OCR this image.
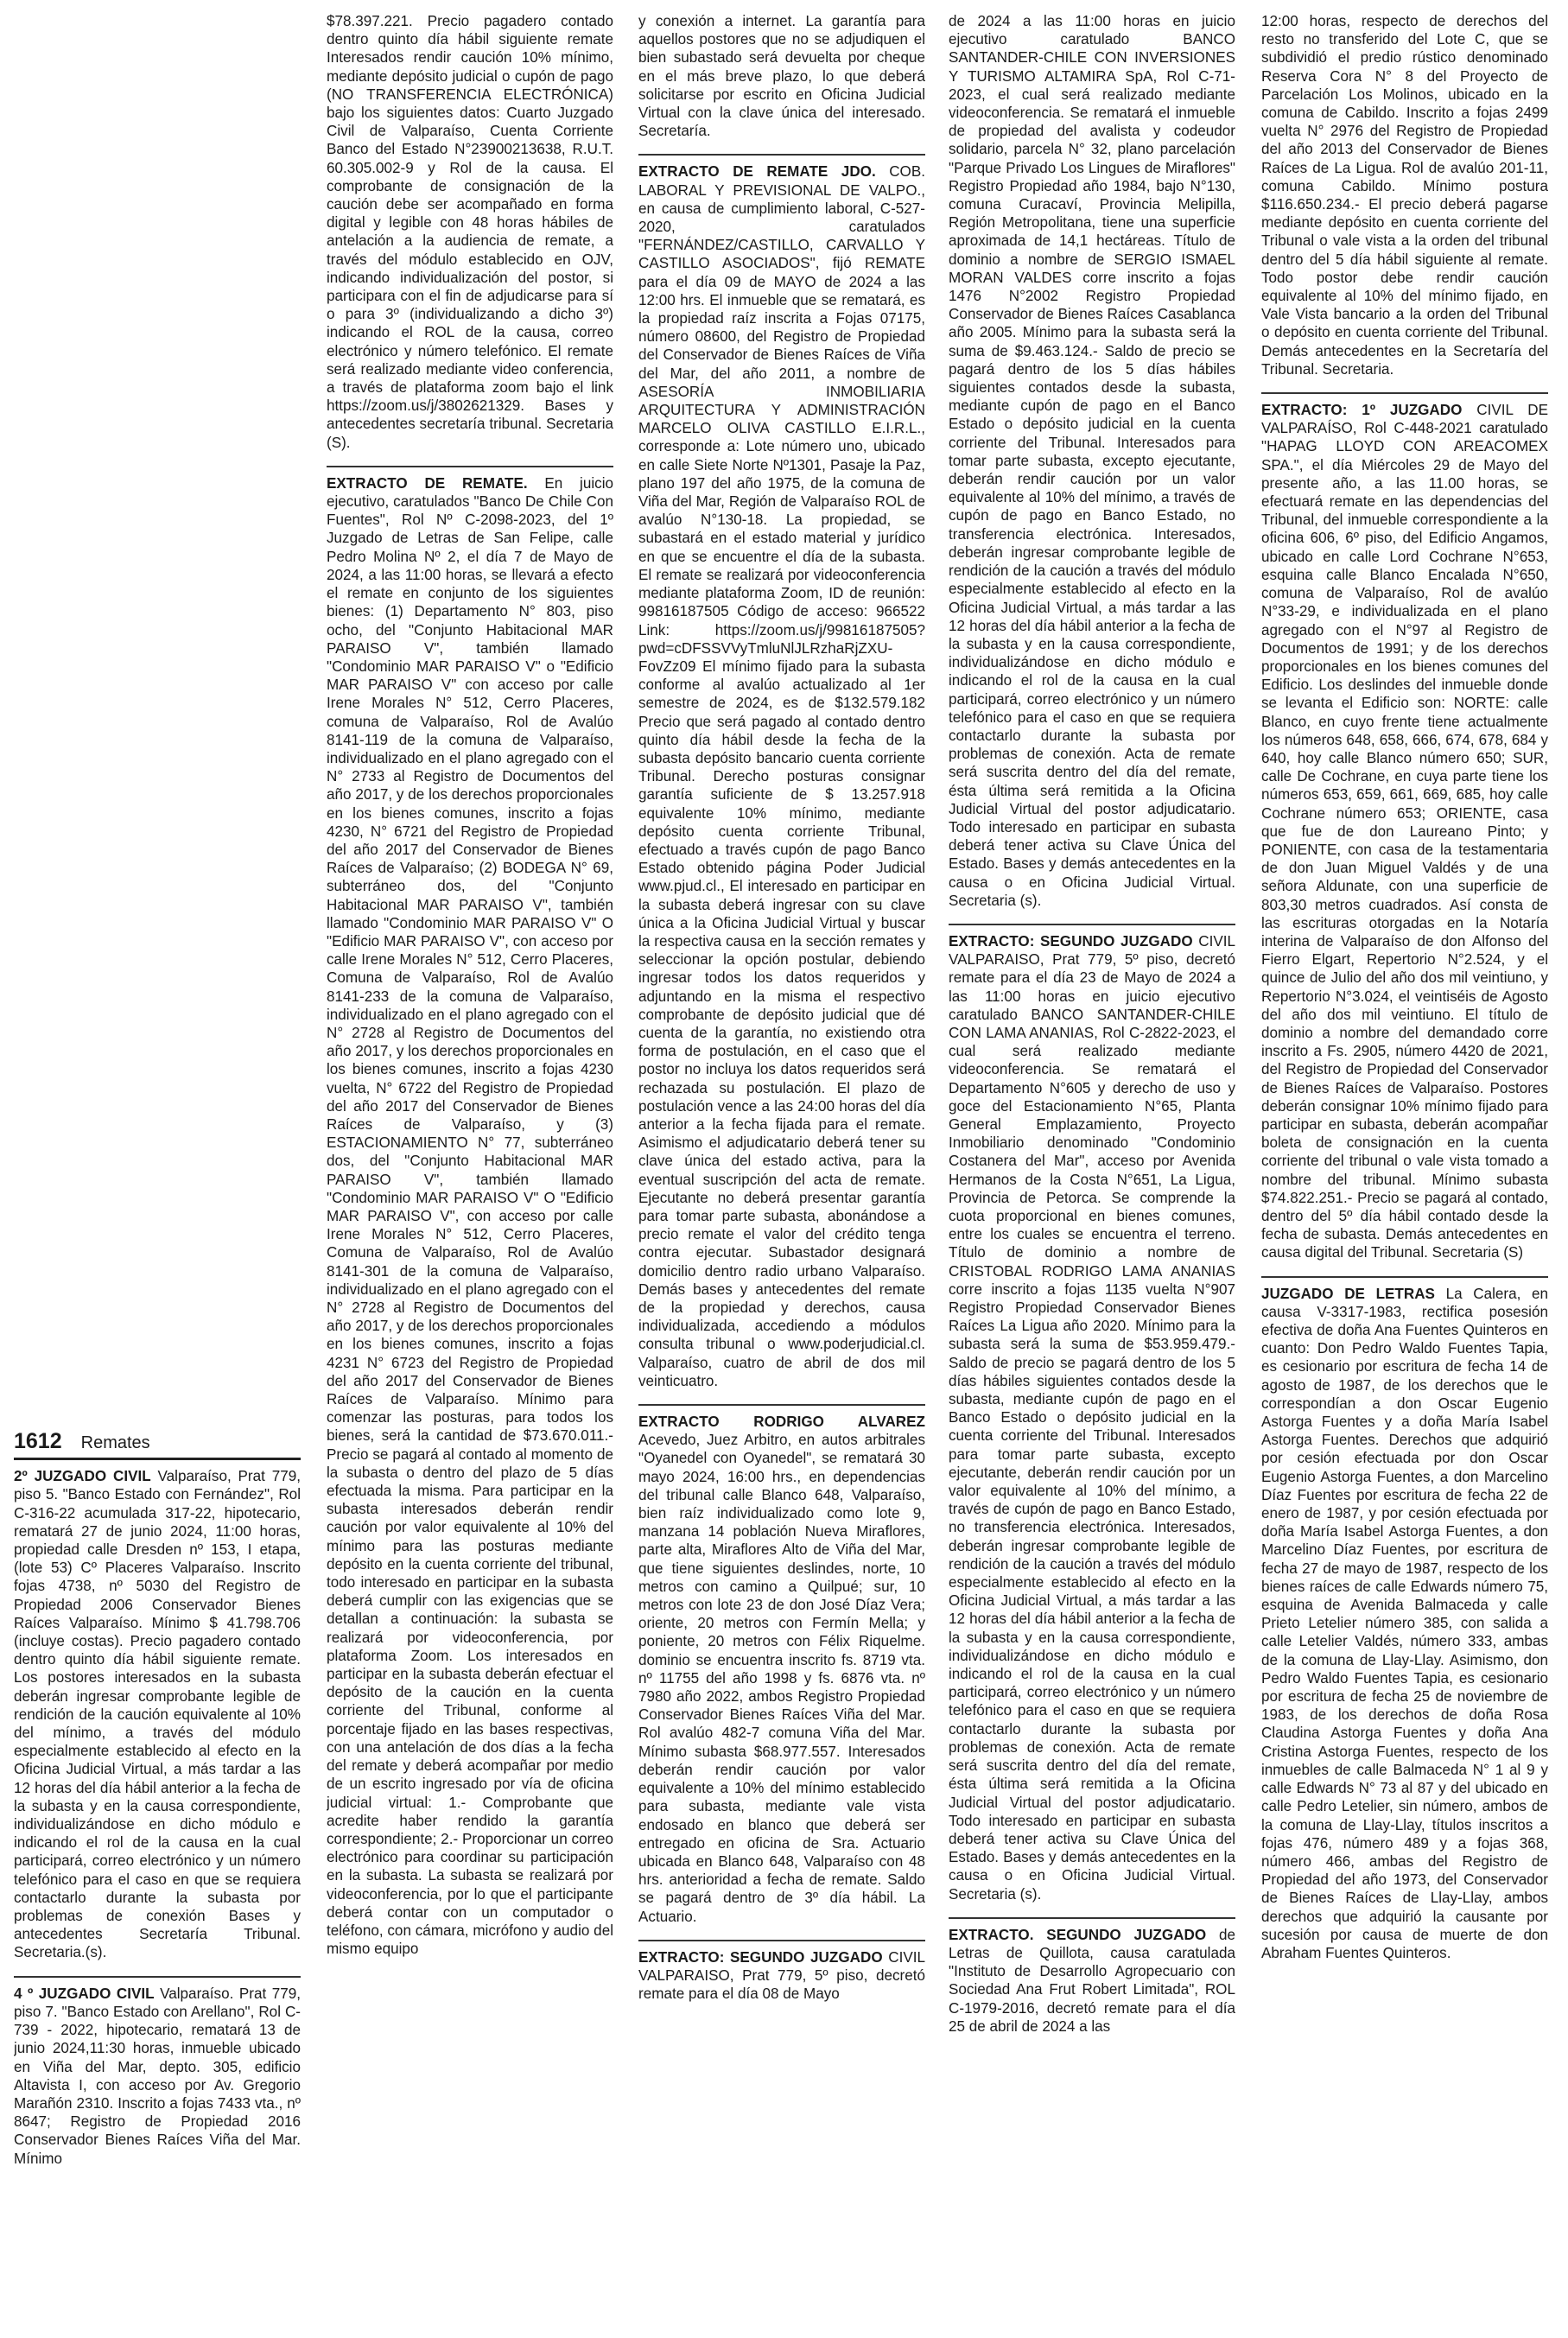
1612 Remates
2º JUZGADO CIVIL Valparaíso, Prat 779, piso 5. "Banco Estado con Fernández", Rol C-316-22 acumulada 317-22, hipotecario, rematará 27 de junio 2024, 11:00 horas, propiedad calle Dresden nº 153, I etapa, (lote 53) Cº Placeres Valparaíso. Inscrito fojas 4738, nº 5030 del Registro de Propiedad 2006 Conservador Bienes Raíces Valparaíso. Mínimo $ 41.798.706 (incluye costas). Precio pagadero contado dentro quinto día hábil siguiente remate. Los postores interesados en la subasta deberán ingresar comprobante legible de rendición de la caución equivalente al 10% del mínimo, a través del módulo especialmente establecido al efecto en la Oficina Judicial Virtual, a más tardar a las 12 horas del día hábil anterior a la fecha de la subasta y en la causa correspondiente, individualizándose en dicho módulo e indicando el rol de la causa en la cual participará, correo electrónico y un número telefónico para el caso en que se requiera contactarlo durante la subasta por problemas de conexión Bases y antecedentes Secretaría Tribunal. Secretaria.(s).
4 º JUZGADO CIVIL Valparaíso. Prat 779, piso 7. "Banco Estado con Arellano", Rol C-739 - 2022, hipotecario, rematará 13 de junio 2024,11:30 horas, inmueble ubicado en Viña del Mar, depto. 305, edificio Altavista I, con acceso por Av. Gregorio Marañón 2310. Inscrito a fojas 7433 vta., nº 8647; Registro de Propiedad 2016 Conservador Bienes Raíces Viña del Mar. Mínimo
$78.397.221. Precio pagadero contado dentro quinto día hábil siguiente remate Interesados rendir caución 10% mínimo, mediante depósito judicial o cupón de pago (NO TRANSFERENCIA ELECTRÓNICA) bajo los siguientes datos: Cuarto Juzgado Civil de Valparaíso, Cuenta Corriente Banco del Estado N°23900213638, R.U.T. 60.305.002-9 y Rol de la causa. El comprobante de consignación de la caución debe ser acompañado en forma digital y legible con 48 horas hábiles de antelación a la audiencia de remate, a través del módulo establecido en OJV, indicando individualización del postor, si participara con el fin de adjudicarse para sí o para 3º (individualizando a dicho 3º) indicando el ROL de la causa, correo electrónico y número telefónico. El remate será realizado mediante video conferencia, a través de plataforma zoom bajo el link https://zoom.us/j/3802621329. Bases y antecedentes secretaría tribunal. Secretaria (S).
EXTRACTO DE REMATE. En juicio ejecutivo, caratulados "Banco De Chile Con Fuentes", Rol Nº C-2098-2023, del 1º Juzgado de Letras de San Felipe, calle Pedro Molina Nº 2, el día 7 de Mayo de 2024, a las 11:00 horas, se llevará a efecto el remate en conjunto de los siguientes bienes: (1) Departamento N° 803, piso ocho, del "Conjunto Habitacional MAR PARAISO V", también llamado "Condominio MAR PARAISO V" o "Edificio MAR PARAISO V" con acceso por calle Irene Morales N° 512, Cerro Placeres, comuna de Valparaíso, Rol de Avalúo 8141-119 de la comuna de Valparaíso, individualizado en el plano agregado con el N° 2733 al Registro de Documentos del año 2017, y de los derechos proporcionales en los bienes comunes, inscrito a fojas 4230, N° 6721 del Registro de Propiedad del año 2017 del Conservador de Bienes Raíces de Valparaíso; (2) BODEGA N° 69, subterráneo dos, del "Conjunto Habitacional MAR PARAISO V", también llamado "Condominio MAR PARAISO V" O "Edificio MAR PARAISO V", con acceso por calle Irene Morales N° 512, Cerro Placeres, Comuna de Valparaíso, Rol de Avalúo 8141-233 de la comuna de Valparaíso, individualizado en el plano agregado con el N° 2728 al Registro de Documentos del año 2017, y los derechos proporcionales en los bienes comunes, inscrito a fojas 4230 vuelta, N° 6722 del Registro de Propiedad del año 2017 del Conservador de Bienes Raíces de Valparaíso, y (3) ESTACIONAMIENTO N° 77, subterráneo dos, del "Conjunto Habitacional MAR PARAISO V", también llamado "Condominio MAR PARAISO V" O "Edificio MAR PARAISO V", con acceso por calle Irene Morales N° 512, Cerro Placeres, Comuna de Valparaíso, Rol de Avalúo 8141-301 de la comuna de Valparaíso, individualizado en el plano agregado con el N° 2728 al Registro de Documentos del año 2017, y de los derechos proporcionales en los bienes comunes, inscrito a fojas 4231 N° 6723 del Registro de Propiedad del año 2017 del Conservador de Bienes Raíces de Valparaíso. Mínimo para comenzar las posturas, para todos los bienes, será la cantidad de $73.670.011.- Precio se pagará al contado al momento de la subasta o dentro del plazo de 5 días efectuada la misma. Para participar en la subasta interesados deberán rendir caución por valor equivalente al 10% del mínimo para las posturas mediante depósito en la cuenta corriente del tribunal, todo interesado en participar en la subasta deberá cumplir con las exigencias que se detallan a continuación: la subasta se realizará por videoconferencia, por plataforma Zoom. Los interesados en participar en la subasta deberán efectuar el depósito de la caución en la cuenta corriente del Tribunal, conforme al porcentaje fijado en las bases respectivas, con una antelación de dos días a la fecha del remate y deberá acompañar por medio de un escrito ingresado por vía de oficina judicial virtual: 1.- Comprobante que acredite haber rendido la garantía correspondiente; 2.- Proporcionar un correo electrónico para coordinar su participación en la subasta. La subasta se realizará por videoconferencia, por lo que el participante deberá contar con un computador o teléfono, con cámara, micrófono y audio del mismo equipo
y conexión a internet. La garantía para aquellos postores que no se adjudiquen el bien subastado será devuelta por cheque en el más breve plazo, lo que deberá solicitarse por escrito en Oficina Judicial Virtual con la clave única del interesado. Secretaría.
EXTRACTO DE REMATE JDO. COB. LABORAL Y PREVISIONAL DE VALPO., en causa de cumplimiento laboral, C-527-2020, caratulados "FERNÁNDEZ/CASTILLO, CARVALLO Y CASTILLO ASOCIADOS", fijó REMATE para el día 09 de MAYO de 2024 a las 12:00 hrs. El inmueble que se rematará, es la propiedad raíz inscrita a Fojas 07175, número 08600, del Registro de Propiedad del Conservador de Bienes Raíces de Viña del Mar, del año 2011, a nombre de ASESORÍA INMOBILIARIA ARQUITECTURA Y ADMINISTRACIÓN MARCELO OLIVA CASTILLO E.I.R.L., corresponde a: Lote número uno, ubicado en calle Siete Norte Nº1301, Pasaje la Paz, plano 197 del año 1975, de la comuna de Viña del Mar, Región de Valparaíso ROL de avalúo N°130-18. La propiedad, se subastará en el estado material y jurídico en que se encuentre el día de la subasta. El remate se realizará por videoconferencia mediante plataforma Zoom, ID de reunión: 99816187505 Código de acceso: 966522 Link: https://zoom.us/j/99816187505?pwd=cDFSSVVyTmluNlJLRzhaRjZXU-FovZz09 El mínimo fijado para la subasta conforme al avalúo actualizado al 1er semestre de 2024, es de $132.579.182 Precio que será pagado al contado dentro quinto día hábil desde la fecha de la subasta depósito bancario cuenta corriente Tribunal. Derecho posturas consignar garantía suficiente de $ 13.257.918 equivalente 10% mínimo, mediante depósito cuenta corriente Tribunal, efectuado a través cupón de pago Banco Estado obtenido página Poder Judicial www.pjud.cl., El interesado en participar en la subasta deberá ingresar con su clave única a la Oficina Judicial Virtual y buscar la respectiva causa en la sección remates y seleccionar la opción postular, debiendo ingresar todos los datos requeridos y adjuntando en la misma el respectivo comprobante de depósito judicial que dé cuenta de la garantía, no existiendo otra forma de postulación, en el caso que el postor no incluya los datos requeridos será rechazada su postulación. El plazo de postulación vence a las 24:00 horas del día anterior a la fecha fijada para el remate. Asimismo el adjudicatario deberá tener su clave única del estado activa, para la eventual suscripción del acta de remate. Ejecutante no deberá presentar garantía para tomar parte subasta, abonándose a precio remate el valor del crédito tenga contra ejecutar. Subastador designará domicilio dentro radio urbano Valparaíso. Demás bases y antecedentes del remate de la propiedad y derechos, causa individualizada, accediendo a módulos consulta tribunal o www.poderjudicial.cl. Valparaíso, cuatro de abril de dos mil veinticuatro.
EXTRACTO RODRIGO ALVAREZ Acevedo, Juez Arbitro, en autos arbitrales "Oyanedel con Oyanedel", se rematará 30 mayo 2024, 16:00 hrs., en dependencias del tribunal calle Blanco 648, Valparaíso, bien raíz individualizado como lote 9, manzana 14 población Nueva Miraflores, parte alta, Miraflores Alto de Viña del Mar, que tiene siguientes deslindes, norte, 10 metros con camino a Quilpué; sur, 10 metros con lote 23 de don José Díaz Vera; oriente, 20 metros con Fermín Mella; y poniente, 20 metros con Félix Riquelme. dominio se encuentra inscrito fs. 8719 vta. nº 11755 del año 1998 y fs. 6876 vta. nº 7980 año 2022, ambos Registro Propiedad Conservador Bienes Raíces Viña del Mar. Rol avalúo 482-7 comuna Viña del Mar. Mínimo subasta $68.977.557. Interesados deberán rendir caución por valor equivalente a 10% del mínimo establecido para subasta, mediante vale vista endosado en blanco que deberá ser entregado en oficina de Sra. Actuario ubicada en Blanco 648, Valparaíso con 48 hrs. anterioridad a fecha de remate. Saldo se pagará dentro de 3º día hábil. La Actuario.
EXTRACTO: SEGUNDO JUZGADO CIVIL VALPARAISO, Prat 779, 5º piso, decretó remate para el día 08 de Mayo
de 2024 a las 11:00 horas en juicio ejecutivo caratulado BANCO SANTANDER-CHILE CON INVERSIONES Y TURISMO ALTAMIRA SpA, Rol C-71-2023, el cual será realizado mediante videoconferencia. Se rematará el inmueble de propiedad del avalista y codeudor solidario, parcela N° 32, plano parcelación "Parque Privado Los Lingues de Miraflores" Registro Propiedad año 1984, bajo N°130, comuna Curacaví, Provincia Melipilla, Región Metropolitana, tiene una superficie aproximada de 14,1 hectáreas. Título de dominio a nombre de SERGIO ISMAEL MORAN VALDES corre inscrito a fojas 1476 N°2002 Registro Propiedad Conservador de Bienes Raíces Casablanca año 2005. Mínimo para la subasta será la suma de $9.463.124.- Saldo de precio se pagará dentro de los 5 días hábiles siguientes contados desde la subasta, mediante cupón de pago en el Banco Estado o depósito judicial en la cuenta corriente del Tribunal. Interesados para tomar parte subasta, excepto ejecutante, deberán rendir caución por un valor equivalente al 10% del mínimo, a través de cupón de pago en Banco Estado, no transferencia electrónica. Interesados, deberán ingresar comprobante legible de rendición de la caución a través del módulo especialmente establecido al efecto en la Oficina Judicial Virtual, a más tardar a las 12 horas del día hábil anterior a la fecha de la subasta y en la causa correspondiente, individualizándose en dicho módulo e indicando el rol de la causa en la cual participará, correo electrónico y un número telefónico para el caso en que se requiera contactarlo durante la subasta por problemas de conexión. Acta de remate será suscrita dentro del día del remate, ésta última será remitida a la Oficina Judicial Virtual del postor adjudicatario. Todo interesado en participar en subasta deberá tener activa su Clave Única del Estado. Bases y demás antecedentes en la causa o en Oficina Judicial Virtual. Secretaria (s).
EXTRACTO: SEGUNDO JUZGADO CIVIL VALPARAISO, Prat 779, 5º piso, decretó remate para el día 23 de Mayo de 2024 a las 11:00 horas en juicio ejecutivo caratulado BANCO SANTANDER-CHILE CON LAMA ANANIAS, Rol C-2822-2023, el cual será realizado mediante videoconferencia. Se rematará el Departamento N°605 y derecho de uso y goce del Estacionamiento N°65, Planta General Emplazamiento, Proyecto Inmobiliario denominado "Condominio Costanera del Mar", acceso por Avenida Hermanos de la Costa N°651, La Ligua, Provincia de Petorca. Se comprende la cuota proporcional en bienes comunes, entre los cuales se encuentra el terreno. Título de dominio a nombre de CRISTOBAL RODRIGO LAMA ANANIAS corre inscrito a fojas 1135 vuelta N°907 Registro Propiedad Conservador Bienes Raíces La Ligua año 2020. Mínimo para la subasta será la suma de $53.959.479.- Saldo de precio se pagará dentro de los 5 días hábiles siguientes contados desde la subasta, mediante cupón de pago en el Banco Estado o depósito judicial en la cuenta corriente del Tribunal. Interesados para tomar parte subasta, excepto ejecutante, deberán rendir caución por un valor equivalente al 10% del mínimo, a través de cupón de pago en Banco Estado, no transferencia electrónica. Interesados, deberán ingresar comprobante legible de rendición de la caución a través del módulo especialmente establecido al efecto en la Oficina Judicial Virtual, a más tardar a las 12 horas del día hábil anterior a la fecha de la subasta y en la causa correspondiente, individualizándose en dicho módulo e indicando el rol de la causa en la cual participará, correo electrónico y un número telefónico para el caso en que se requiera contactarlo durante la subasta por problemas de conexión. Acta de remate será suscrita dentro del día del remate, ésta última será remitida a la Oficina Judicial Virtual del postor adjudicatario. Todo interesado en participar en subasta deberá tener activa su Clave Única del Estado. Bases y demás antecedentes en la causa o en Oficina Judicial Virtual. Secretaria (s).
EXTRACTO. SEGUNDO JUZGADO de Letras de Quillota, causa caratulada "Instituto de Desarrollo Agropecuario con Sociedad Ana Frut Robert Limitada", ROL C-1979-2016, decretó remate para el día 25 de abril de 2024 a las
12:00 horas, respecto de derechos del resto no transferido del Lote C, que se subdividió el predio rústico denominado Reserva Cora N° 8 del Proyecto de Parcelación Los Molinos, ubicado en la comuna de Cabildo. Inscrito a fojas 2499 vuelta N° 2976 del Registro de Propiedad del año 2013 del Conservador de Bienes Raíces de La Ligua. Rol de avalúo 201-11, comuna Cabildo. Mínimo postura $116.650.234.- El precio deberá pagarse mediante depósito en cuenta corriente del Tribunal o vale vista a la orden del tribunal dentro del 5 día hábil siguiente al remate. Todo postor debe rendir caución equivalente al 10% del mínimo fijado, en Vale Vista bancario a la orden del Tribunal o depósito en cuenta corriente del Tribunal. Demás antecedentes en la Secretaría del Tribunal. Secretaria.
EXTRACTO: 1º JUZGADO CIVIL DE VALPARAÍSO, Rol C-448-2021 caratulado "HAPAG LLOYD CON AREACOMEX SPA.", el día Miércoles 29 de Mayo del presente año, a las 11.00 horas, se efectuará remate en las dependencias del Tribunal, del inmueble correspondiente a la oficina 606, 6º piso, del Edificio Angamos, ubicado en calle Lord Cochrane N°653, esquina calle Blanco Encalada N°650, comuna de Valparaíso, Rol de avalúo N°33-29, e individualizada en el plano agregado con el N°97 al Registro de Documentos de 1991; y de los derechos proporcionales en los bienes comunes del Edificio. Los deslindes del inmueble donde se levanta el Edificio son: NORTE: calle Blanco, en cuyo frente tiene actualmente los números 648, 658, 666, 674, 678, 684 y 640, hoy calle Blanco número 650; SUR, calle De Cochrane, en cuya parte tiene los números 653, 659, 661, 669, 685, hoy calle Cochrane número 653; ORIENTE, casa que fue de don Laureano Pinto; y PONIENTE, con casa de la testamentaria de don Juan Miguel Valdés y de una señora Aldunate, con una superficie de 803,30 metros cuadrados. Así consta de las escrituras otorgadas en la Notaría interina de Valparaíso de don Alfonso del Fierro Elgart, Repertorio N°2.524, y el quince de Julio del año dos mil veintiuno, y Repertorio N°3.024, el veintiséis de Agosto del año dos mil veintiuno. El título de dominio a nombre del demandado corre inscrito a Fs. 2905, número 4420 de 2021, del Registro de Propiedad del Conservador de Bienes Raíces de Valparaíso. Postores deberán consignar 10% mínimo fijado para participar en subasta, deberán acompañar boleta de consignación en la cuenta corriente del tribunal o vale vista tomado a nombre del tribunal. Mínimo subasta $74.822.251.- Precio se pagará al contado, dentro del 5º día hábil contado desde la fecha de subasta. Demás antecedentes en causa digital del Tribunal. Secretaria (S)
JUZGADO DE LETRAS La Calera, en causa V-3317-1983, rectifica posesión efectiva de doña Ana Fuentes Quinteros en cuanto: Don Pedro Waldo Fuentes Tapia, es cesionario por escritura de fecha 14 de agosto de 1987, de los derechos que le correspondían a don Oscar Eugenio Astorga Fuentes y a doña María Isabel Astorga Fuentes. Derechos que adquirió por cesión efectuada por don Oscar Eugenio Astorga Fuentes, a don Marcelino Díaz Fuentes por escritura de fecha 22 de enero de 1987, y por cesión efectuada por doña María Isabel Astorga Fuentes, a don Marcelino Díaz Fuentes, por escritura de fecha 27 de mayo de 1987, respecto de los bienes raíces de calle Edwards número 75, esquina de Avenida Balmaceda y calle Prieto Letelier número 385, con salida a calle Letelier Valdés, número 333, ambas de la comuna de Llay-Llay. Asimismo, don Pedro Waldo Fuentes Tapia, es cesionario por escritura de fecha 25 de noviembre de 1983, de los derechos de doña Rosa Claudina Astorga Fuentes y doña Ana Cristina Astorga Fuentes, respecto de los inmuebles de calle Balmaceda N° 1 al 9 y calle Edwards N° 73 al 87 y del ubicado en calle Pedro Letelier, sin número, ambos de la comuna de Llay-Llay, títulos inscritos a fojas 476, número 489 y a fojas 368, número 466, ambas del Registro de Propiedad del año 1973, del Conservador de Bienes Raíces de Llay-Llay, ambos derechos que adquirió la causante por sucesión por causa de muerte de don Abraham Fuentes Quinteros.
